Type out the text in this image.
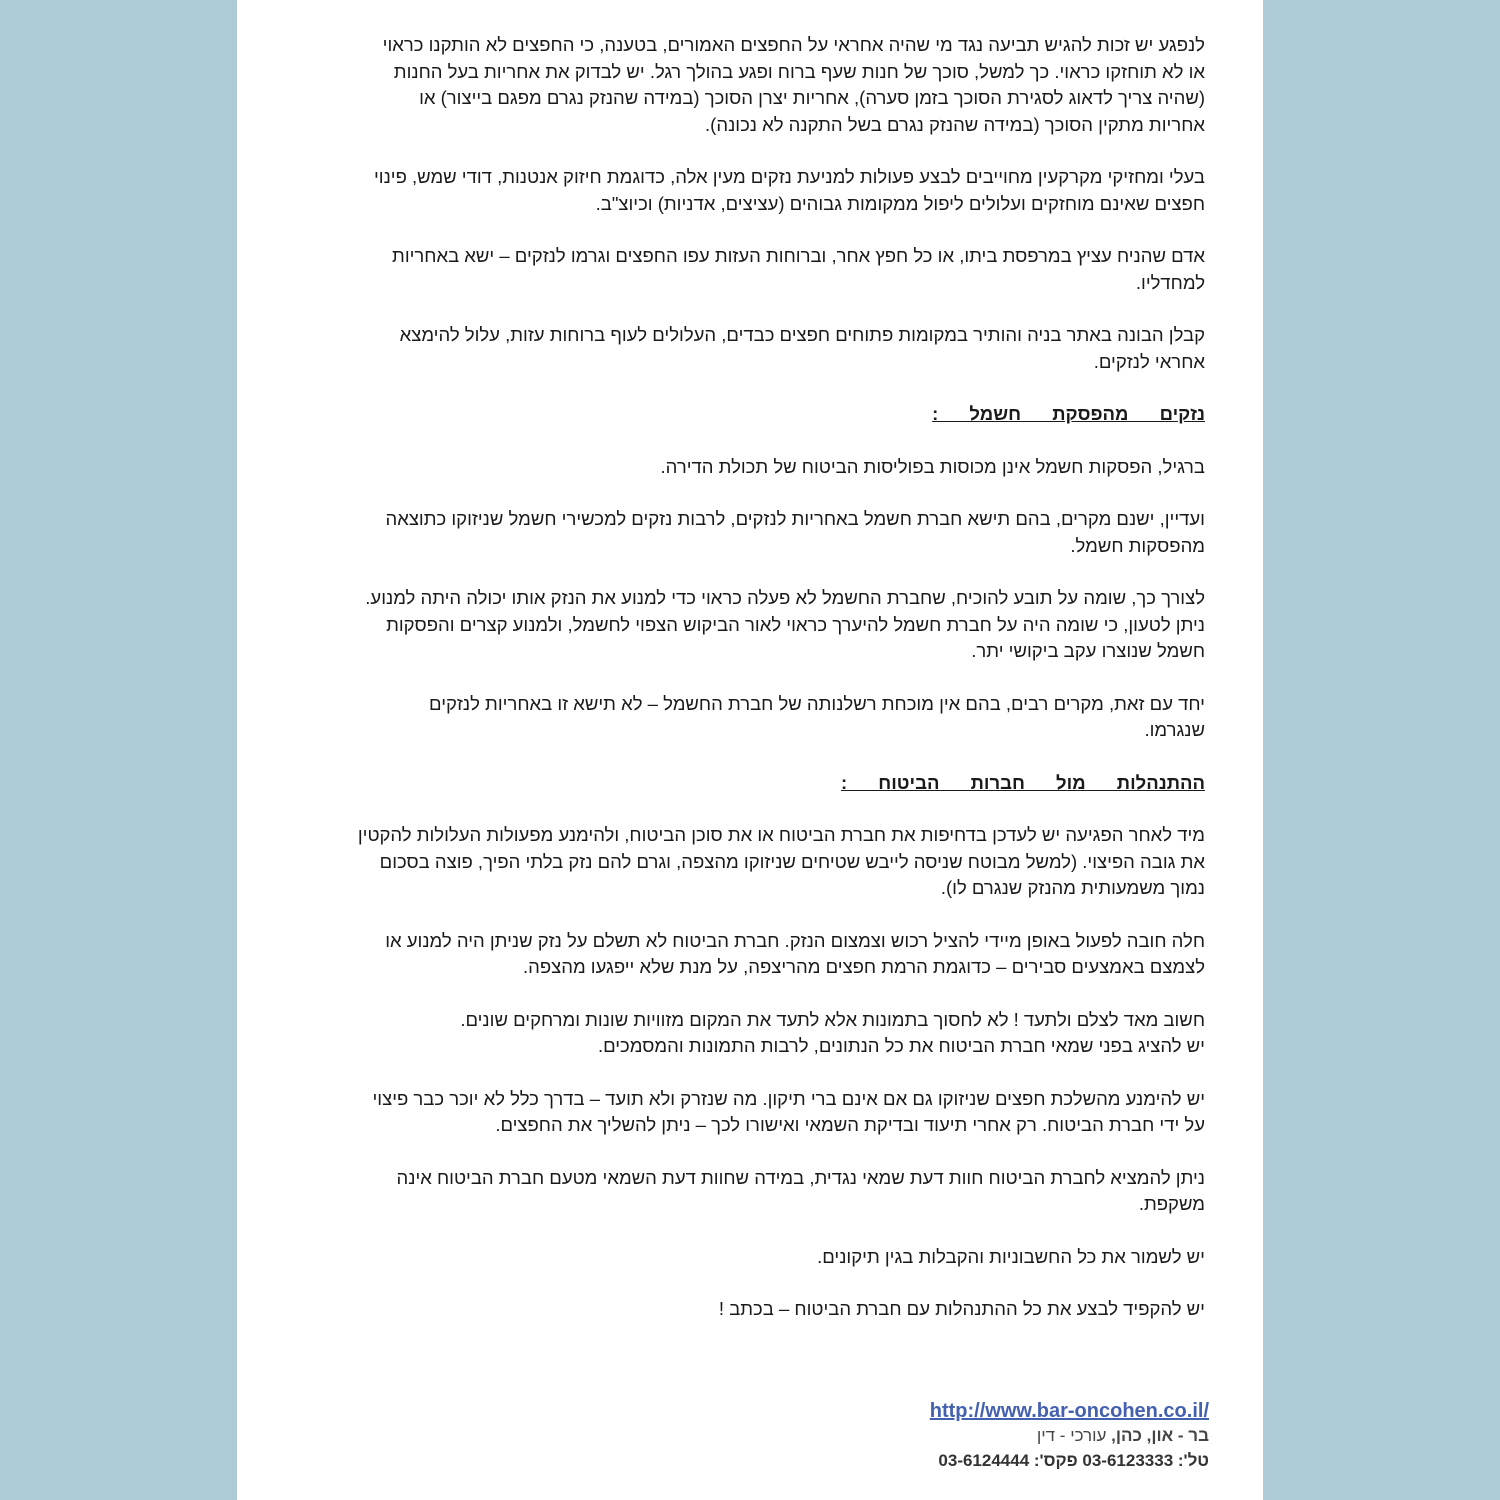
לנפגע יש זכות להגיש תביעה נגד מי שהיה אחראי על החפצים האמורים, בטענה, כי החפצים לא הותקנו כראוי
או לא תוחזקו כראוי. כך למשל, סוכך של חנות שעף ברוח ופגע בהולך רגל. יש לבדוק את אחריות בעל החנות
(שהיה צריך לדאוג לסגירת הסוכך בזמן סערה), אחריות יצרן הסוכך (במידה שהנזק נגרם מפגם בייצור) או
אחריות מתקין הסוכך (במידה שהנזק נגרם בשל התקנה לא נכונה).
בעלי ומחזיקי מקרקעין מחוייבים לבצע פעולות למניעת נזקים מעין אלה, כדוגמת חיזוק אנטנות, דודי שמש, פינוי
חפצים שאינם מוחזקים ועלולים ליפול ממקומות גבוהים (עציצים, אדניות) וכיוצ"ב.
אדם שהניח עציץ במרפסת ביתו, או כל חפץ אחר, וברוחות העזות עפו החפצים וגרמו לנזקים – ישא באחריות
למחדליו.
קבלן הבונה באתר בניה והותיר במקומות פתוחים חפצים כבדים, העלולים לעוף ברוחות עזות, עלול להימצא
אחראי לנזקים.
נזקים מהפסקת חשמל :
ברגיל, הפסקות חשמל אינן מכוסות בפוליסות הביטוח של תכולת הדירה.
ועדיין, ישנם מקרים, בהם תישא חברת חשמל באחריות לנזקים, לרבות נזקים למכשירי חשמל שניזוקו כתוצאה
מהפסקות חשמל.
לצורך כך, שומה על תובע להוכיח, שחברת החשמל לא פעלה כראוי כדי למנוע את הנזק אותו יכולה היתה למנוע.
ניתן לטעון, כי שומה היה על חברת חשמל להיערך כראוי לאור הביקוש הצפוי לחשמל, ולמנוע קצרים והפסקות
חשמל שנוצרו עקב ביקושי יתר.
יחד עם זאת, מקרים רבים, בהם אין מוכחת רשלנותה של חברת החשמל – לא תישא זו באחריות לנזקים
שנגרמו.
ההתנהלות מול חברות הביטוח :
מיד לאחר הפגיעה יש לעדכן בדחיפות את חברת הביטוח או את סוכן הביטוח, ולהימנע מפעולות העלולות להקטין
את גובה הפיצוי. (למשל מבוטח שניסה לייבש שטיחים שניזוקו מהצפה, וגרם להם נזק בלתי הפיך, פוצה בסכום
נמוך משמעותית מהנזק שנגרם לו).
חלה חובה לפעול באופן מיידי להציל רכוש וצמצום הנזק. חברת הביטוח לא תשלם על נזק שניתן היה למנוע או
לצמצם באמצעים סבירים – כדוגמת הרמת חפצים מהריצפה, על מנת שלא ייפגעו מהצפה.
חשוב מאד לצלם ולתעד ! לא לחסוך בתמונות אלא לתעד את המקום מזוויות שונות ומרחקים שונים.
יש להציג בפני שמאי חברת הביטוח את כל הנתונים, לרבות התמונות והמסמכים.
יש להימנע מהשלכת חפצים שניזוקו גם אם אינם ברי תיקון. מה שנזרק ולא תועד – בדרך כלל לא יוכר כבר פיצוי
על ידי חברת הביטוח. רק אחרי תיעוד ובדיקת השמאי ואישורו לכך – ניתן להשליך את החפצים.
ניתן להמציא לחברת הביטוח חוות דעת שמאי נגדית, במידה שחוות דעת השמאי מטעם חברת הביטוח אינה
משקפת.
יש לשמור את כל החשבוניות והקבלות בגין תיקונים.
יש להקפיד לבצע את כל ההתנהלות עם חברת הביטוח – בכתב !
http://www.bar-oncohen.co.il/
בר - און, כהן, עורכי - דין
טל': 03-6123333 פקס': 03-6124444
